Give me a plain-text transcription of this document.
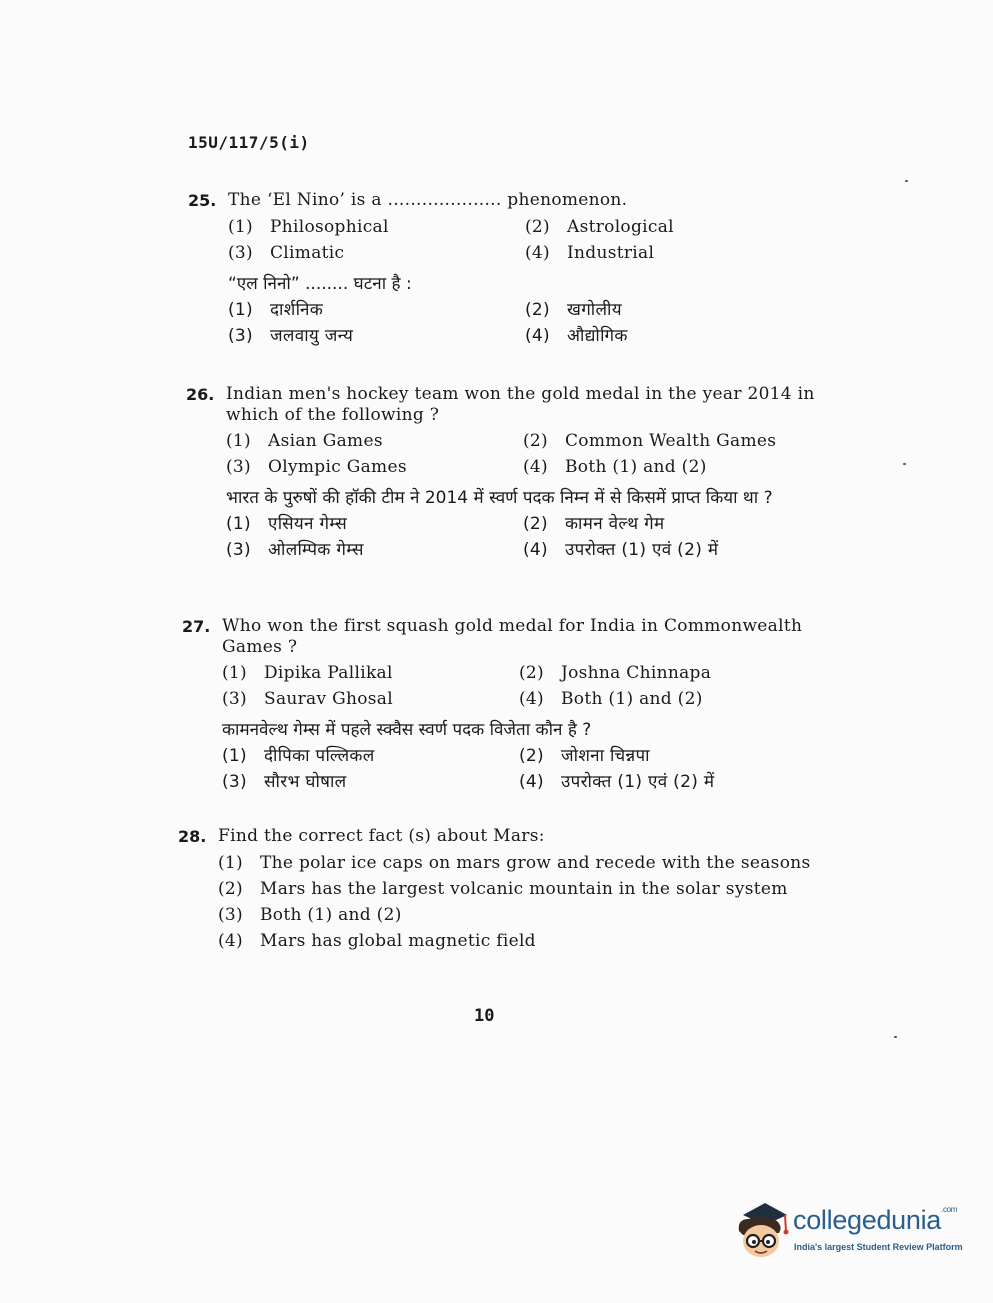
15U/117/5(i)
25. The ‘El Nino’ is a .................... phenomenon.
(1)	Philosophical	(2)	Astrological
(3)	Climatic	(4)	Industrial
“एल निनो” ........ घटना है :
(1)	दार्शनिक	(2)	खगोलीय
(3)	जलवायु जन्य	(4)	औद्योगिक
26. Indian men's hockey team won the gold medal in the year 2014 in which of the following ?
(1)	Asian Games	(2)	Common Wealth Games
(3)	Olympic Games	(4)	Both (1) and (2)
भारत के पुरुषों की हॉकी टीम ने 2014 में स्वर्ण पदक निम्न में से किसमें प्राप्त किया था ?
(1)	एसियन गेम्स	(2)	कामन वेल्थ गेम
(3)	ओलम्पिक गेम्स	(4)	उपरोक्त (1) एवं (2) में
27. Who won the first squash gold medal for India in Commonwealth Games ?
(1)	Dipika Pallikal	(2)	Joshna Chinnapa
(3)	Saurav Ghosal	(4)	Both (1) and (2)
कामनवेल्थ गेम्स में पहले स्क्वैस स्वर्ण पदक विजेता कौन है ?
(1)	दीपिका पल्लिकल	(2)	जोशना चिन्नपा
(3)	सौरभ घोषाल	(4)	उपरोक्त (1) एवं (2) में
28. Find the correct fact (s) about Mars:
(1)	The polar ice caps on mars grow and recede with the seasons
(2)	Mars has the largest volcanic mountain in the solar system
(3)	Both (1) and (2)
(4)	Mars has global magnetic field
10
collegedunia$^{.com}$
India's largest Student Review Platform
